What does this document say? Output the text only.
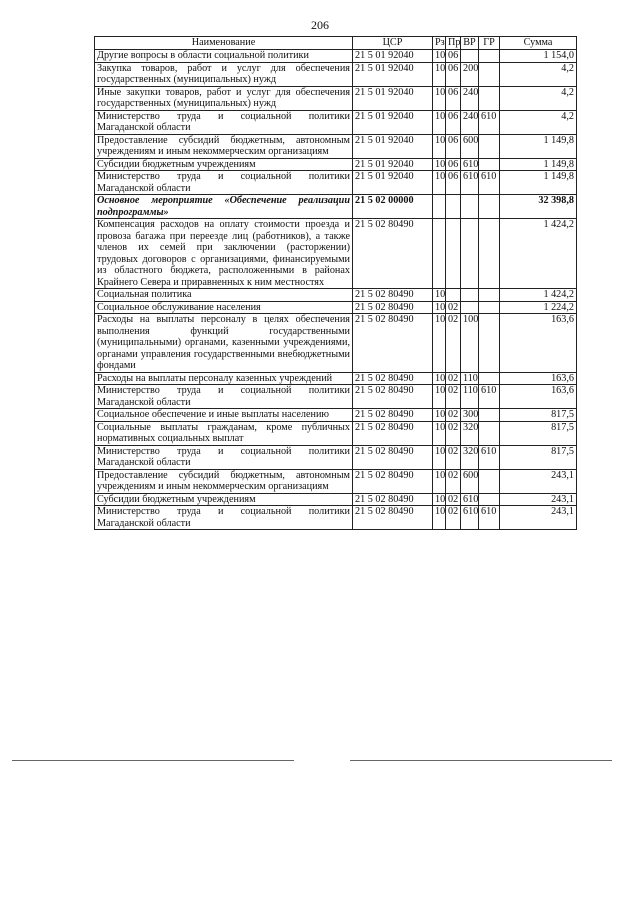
206
Наименование	ЦСР	Рз	Пр	ВР	ГР	Сумма
Другие вопросы в области социальной политики	21 5 01 92040	10	06			1 154,0
Закупка товаров, работ и услуг для обеспечения государственных (муниципальных) нужд	21 5 01 92040	10	06	200		4,2
Иные закупки товаров, работ и услуг для обеспечения государственных (муниципальных) нужд	21 5 01 92040	10	06	240		4,2
Министерство труда и социальной политики Магаданской области	21 5 01 92040	10	06	240	610	4,2
Предоставление субсидий бюджетным, автономным учреждениям и иным некоммерческим организациям	21 5 01 92040	10	06	600		1 149,8
Субсидии бюджетным учреждениям	21 5 01 92040	10	06	610		1 149,8
Министерство труда и социальной политики Магаданской области	21 5 01 92040	10	06	610	610	1 149,8
Основное мероприятие «Обеспечение реализации подпрограммы»	21 5 02 00000					32 398,8
Компенсация расходов на оплату стоимости проезда и провоза багажа при переезде лиц (работников), а также членов их семей при заключении (расторжении) трудовых договоров с организациями, финансируемыми из областного бюджета, расположенными в районах Крайнего Севера и приравненных к ним местностях	21 5 02 80490					1 424,2
Социальная политика	21 5 02 80490	10				1 424,2
Социальное обслуживание населения	21 5 02 80490	10	02			1 224,2
Расходы на выплаты персоналу в целях обеспечения выполнения функций государственными (муниципальными) органами, казенными учреждениями, органами управления государственными внебюджетными фондами	21 5 02 80490	10	02	100		163,6
Расходы на выплаты персоналу казенных учреждений	21 5 02 80490	10	02	110		163,6
Министерство труда и социальной политики Магаданской области	21 5 02 80490	10	02	110	610	163,6
Социальное обеспечение и иные выплаты населению	21 5 02 80490	10	02	300		817,5
Социальные выплаты гражданам, кроме публичных нормативных социальных выплат	21 5 02 80490	10	02	320		817,5
Министерство труда и социальной политики Магаданской области	21 5 02 80490	10	02	320	610	817,5
Предоставление субсидий бюджетным, автономным учреждениям и иным некоммерческим организациям	21 5 02 80490	10	02	600		243,1
Субсидии бюджетным учреждениям	21 5 02 80490	10	02	610		243,1
Министерство труда и социальной политики Магаданской области	21 5 02 80490	10	02	610	610	243,1
